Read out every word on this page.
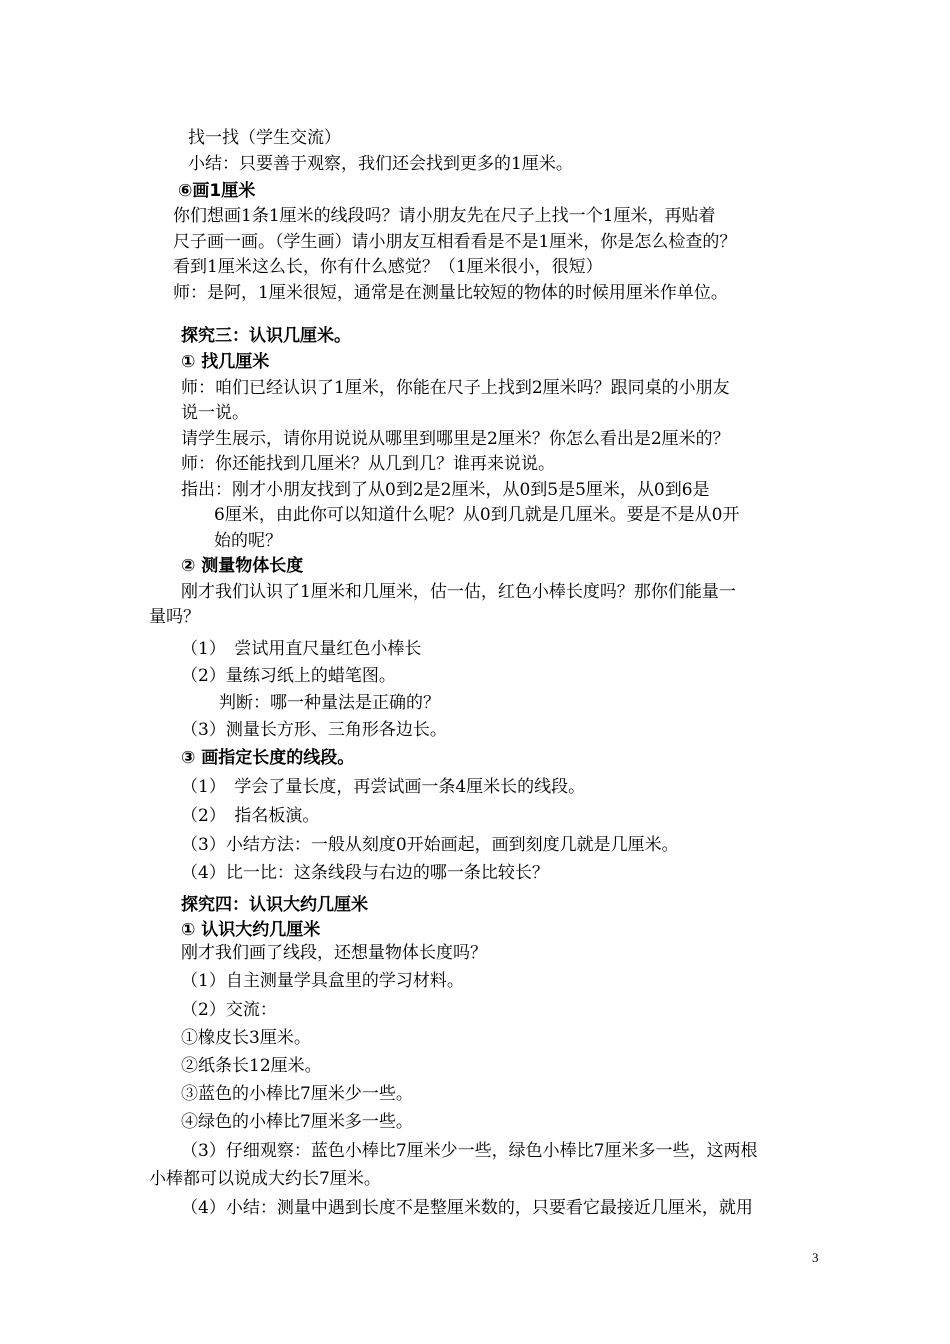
找一找（学生交流）
小结：只要善于观察，我们还会找到更多的1厘米。
⑥画1厘米
你们想画1条1厘米的线段吗？请小朋友先在尺子上找一个1厘米，再贴着
尺子画一画。（学生画）请小朋友互相看看是不是1厘米，你是怎么检查的？
看到1厘米这么长，你有什么感觉？（1厘米很小，很短）
师：是阿，1厘米很短，通常是在测量比较短的物体的时候用厘米作单位。
探究三：认识几厘米。
① 找几厘米
师：咱们已经认识了1厘米，你能在尺子上找到2厘米吗？跟同桌的小朋友
说一说。
请学生展示，请你用说说从哪里到哪里是2厘米？你怎么看出是2厘米的？
师：你还能找到几厘米？从几到几？谁再来说说。
指出：刚才小朋友找到了从0到2是2厘米，从0到5是5厘米，从0到6是
6厘米，由此你可以知道什么呢？从0到几就是几厘米。要是不是从0开
始的呢？
② 测量物体长度
刚才我们认识了1厘米和几厘米，估一估，红色小棒长度吗？那你们能量一
量吗？
（1）　尝试用直尺量红色小棒长
（2）量练习纸上的蜡笔图。
判断：哪一种量法是正确的？
（3）测量长方形、三角形各边长。
③ 画指定长度的线段。
（1）　学会了量长度，再尝试画一条4厘米长的线段。
（2）　指名板演。
（3）小结方法：一般从刻度0开始画起，画到刻度几就是几厘米。
（4）比一比：这条线段与右边的哪一条比较长？
探究四：认识大约几厘米
① 认识大约几厘米
刚才我们画了线段，还想量物体长度吗？
（1）自主测量学具盒里的学习材料。
（2）交流：
①橡皮长3厘米。
②纸条长12厘米。
③蓝色的小棒比7厘米少一些。
④绿色的小棒比7厘米多一些。
（3）仔细观察：蓝色小棒比7厘米少一些，绿色小棒比7厘米多一些，这两根
小棒都可以说成大约长7厘米。
（4）小结：测量中遇到长度不是整厘米数的，只要看它最接近几厘米，就用
3
